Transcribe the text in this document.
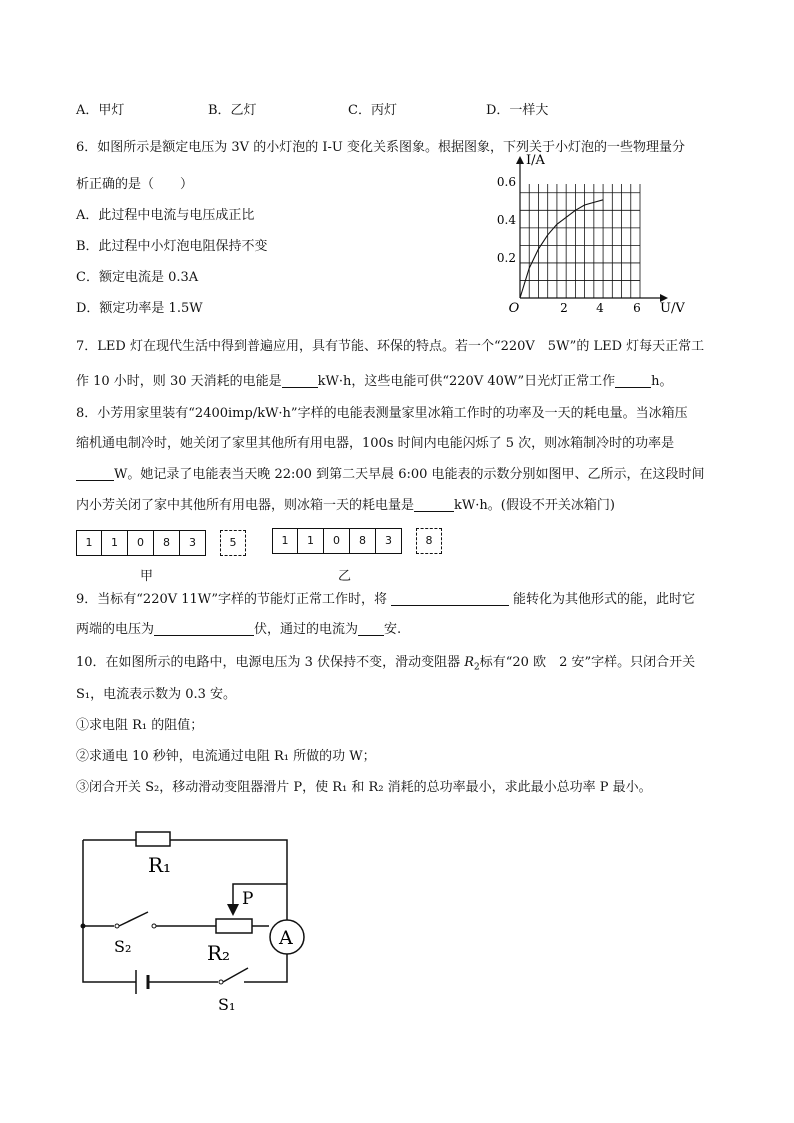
A．甲灯	B．乙灯	C．丙灯	D．一样大
6．如图所示是额定电压为 3V 的小灯泡的 I-U 变化关系图象。根据图象，下列关于小灯泡的一些物理量分
析正确的是（　　）
A．此过程中电流与电压成正比
B．此过程中小灯泡电阻保持不变
C．额定电流是 0.3A
D．额定功率是 1.5W	U/V
I/A
O	2 4 6
0.2
0.4
0.6
7．LED 灯在现代生活中得到普遍应用，具有节能、环保的特点。若一个“220V　5W”的 LED 灯每天正常工
作 10 小时，则 30 天消耗的电能是	kW·h，这些电能可供“220V 40W”日光灯正常工作	h。
8．小芳用家里装有“2400imp/kW·h”字样的电能表测量家里冰箱工作时的功率及一天的耗电量。当冰箱压
缩机通电制冷时，她关闭了家里其他所有用电器，100s 时间内电能闪烁了 5 次，则冰箱制冷时的功率是
W。她记录了电能表当天晚 22:00 到第二天早晨 6:00 电能表的示数分别如图甲、乙所示，在这段时间
内小芳关闭了家中其他所有用电器，则冰箱一天的耗电量是	kW·h。(假设不开关冰箱门)
1	1	0	8	3	5
甲
1	1	0	8	3	8
乙
9．当标有“220V 11W”字样的节能灯正常工作时，将	能转化为其他形式的能，此时它
两端的电压为	伏，通过的电流为 安.
10．在如图所示的电路中，电源电压为 3 伏保持不变，滑动变阻器 $R_2$标有“20 欧　2 安”字样。只闭合开关
S₁，电流表示数为 0.3 安。
①求电阻 R₁ 的阻值；
②求通电 10 秒钟，电流通过电阻 R₁ 所做的功 W；
③闭合开关 S₂，移动滑动变阻器滑片 P，使 R₁ 和 R₂ 消耗的总功率最小，求此最小总功率 P 最小。
R₁
P
R₂
A
S₂
S₁
